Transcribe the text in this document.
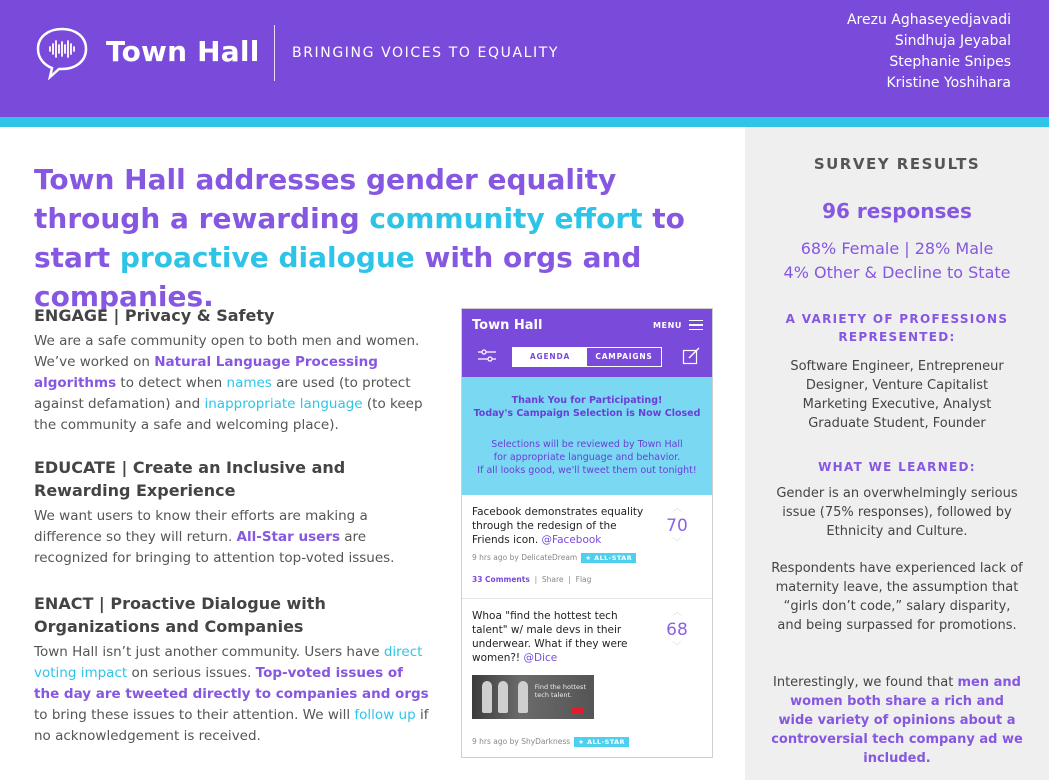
Town Hall BRINGING VOICES TO EQUALITY
Arezu Aghaseyedjavadi
Sindhuja Jeyabal
Stephanie Snipes
Kristine Yoshihara
Town Hall addresses gender equality through a rewarding community effort to start proactive dialogue with orgs and companies.
ENGAGE | Privacy & Safety
We are a safe community open to both men and women. We’ve worked on Natural Language Processing algorithms to detect when names are used (to protect against defamation) and inappropriate language (to keep the community a safe and welcoming place).
EDUCATE | Create an Inclusive and Rewarding Experience
We want users to know their efforts are making a difference so they will return. All-Star users are recognized for bringing to attention top-voted issues.
ENACT | Proactive Dialogue with Organizations and Companies
Town Hall isn’t just another community. Users have direct voting impact on serious issues. Top-voted issues of the day are tweeted directly to companies and orgs to bring these issues to their attention. We will follow up if no acknowledgement is received.
Town Hall	MENU
AGENDA	CAMPAIGNS
Thank You for Participating!
Today's Campaign Selection is Now Closed
Selections will be reviewed by Town Hall
for appropriate language and behavior.
If all looks good, we'll tweet them out tonight!
Facebook demonstrates equality through the redesign of the Friends icon. @Facebook
9 hrs ago by DelicateDream ★ ALL-STAR
33 Comments  |  Share  |  Flag
︿
70
﹀
Whoa "find the hottest tech talent" w/ male devs in their underwear. What if they were women?! @Dice
Find the hottest
tech talent.
9 hrs ago by ShyDarkness ★ ALL-STAR
︿
68
﹀
SURVEY RESULTS
96 responses
68% Female | 28% Male
4% Other & Decline to State
A VARIETY OF PROFESSIONS REPRESENTED:
Software Engineer, Entrepreneur
Designer, Venture Capitalist
Marketing Executive, Analyst
Graduate Student, Founder
WHAT WE LEARNED:
Gender is an overwhelmingly serious issue (75% responses), followed by Ethnicity and Culture.
Respondents have experienced lack of maternity leave, the assumption that “girls don’t code,” salary disparity, and being surpassed for promotions.
Interestingly, we found that men and women both share a rich and wide variety of opinions about a controversial tech company ad we included.
